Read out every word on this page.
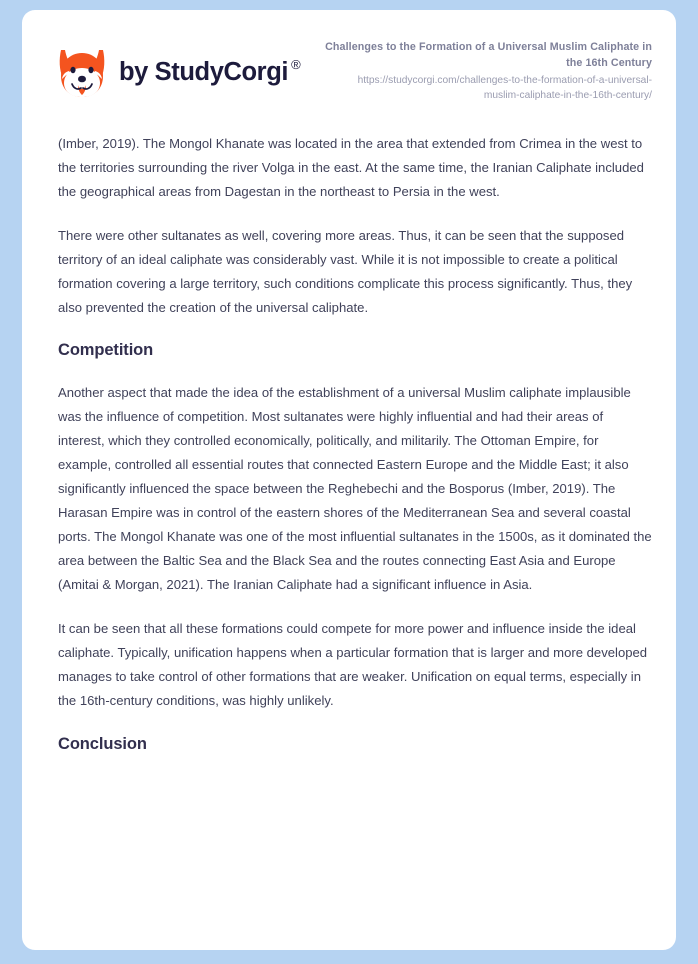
by StudyCorgi ®
Challenges to the Formation of a Universal Muslim Caliphate in the 16th Century
https://studycorgi.com/challenges-to-the-formation-of-a-universal-muslim-caliphate-in-the-16th-century/

(Imber, 2019). The Mongol Khanate was located in the area that extended from Crimea in the west to the territories surrounding the river Volga in the east. At the same time, the Iranian Caliphate included the geographical areas from Dagestan in the northeast to Persia in the west.

There were other sultanates as well, covering more areas. Thus, it can be seen that the supposed territory of an ideal caliphate was considerably vast. While it is not impossible to create a political formation covering a large territory, such conditions complicate this process significantly. Thus, they also prevented the creation of the universal caliphate.

Competition

Another aspect that made the idea of the establishment of a universal Muslim caliphate implausible was the influence of competition. Most sultanates were highly influential and had their areas of interest, which they controlled economically, politically, and militarily. The Ottoman Empire, for example, controlled all essential routes that connected Eastern Europe and the Middle East; it also significantly influenced the space between the Reghebechi and the Bosporus (Imber, 2019). The Harasan Empire was in control of the eastern shores of the Mediterranean Sea and several coastal ports. The Mongol Khanate was one of the most influential sultanates in the 1500s, as it dominated the area between the Baltic Sea and the Black Sea and the routes connecting East Asia and Europe (Amitai & Morgan, 2021). The Iranian Caliphate had a significant influence in Asia.

It can be seen that all these formations could compete for more power and influence inside the ideal caliphate. Typically, unification happens when a particular formation that is larger and more developed manages to take control of other formations that are weaker. Unification on equal terms, especially in the 16th-century conditions, was highly unlikely.

Conclusion
